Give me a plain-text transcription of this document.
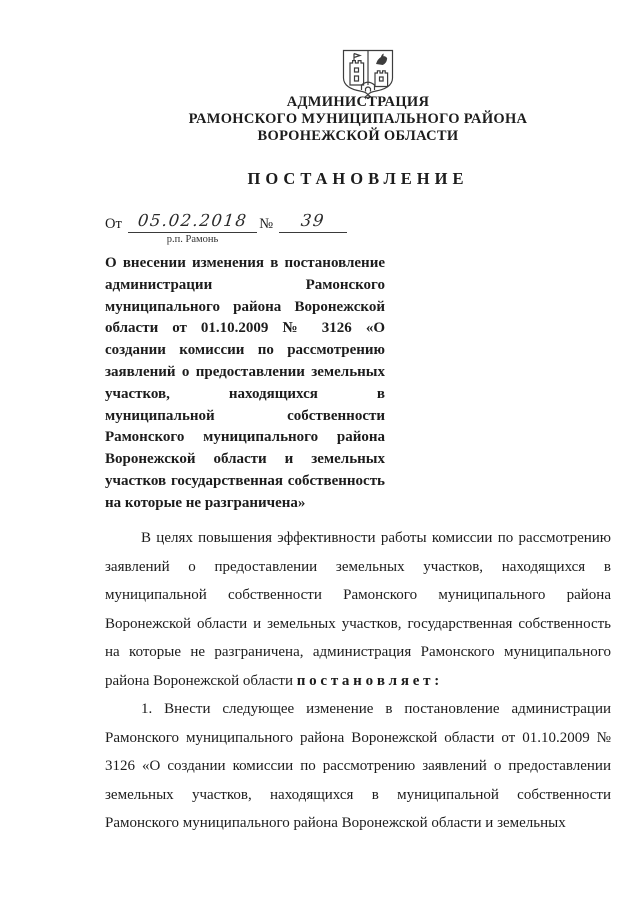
АДМИНИСТРАЦИЯ
РАМОНСКОГО МУНИЦИПАЛЬНОГО РАЙОНА
ВОРОНЕЖСКОЙ ОБЛАСТИ
ПОСТАНОВЛЕНИЕ
От 05.02.2018
р.п. Рамонь
№	39
О внесении изменения в постановление администрации Рамонского муниципального района Воронежской области от 01.10.2009 № 3126 «О создании комиссии по рассмотрению заявлений о предоставлении земельных участков, находящихся в муниципальной собственности Рамонского муниципального района Воронежской области и земельных участков государственная собственность на которые не разграничена»

В целях повышения эффективности работы комиссии по рассмотрению заявлений о предоставлении земельных участков, находящихся в муниципальной собственности Рамонского муниципального района Воронежской области и земельных участков, государственная собственность на которые не разграничена, администрация Рамонского муниципального района Воронежской области п о с т а н о в л я е т :

1. Внести следующее изменение в постановление администрации Рамонского муниципального района Воронежской области от 01.10.2009 № 3126 «О создании комиссии по рассмотрению заявлений о предоставлении земельных участков, находящихся в муниципальной собственности Рамонского муниципального района Воронежской области и земельных
